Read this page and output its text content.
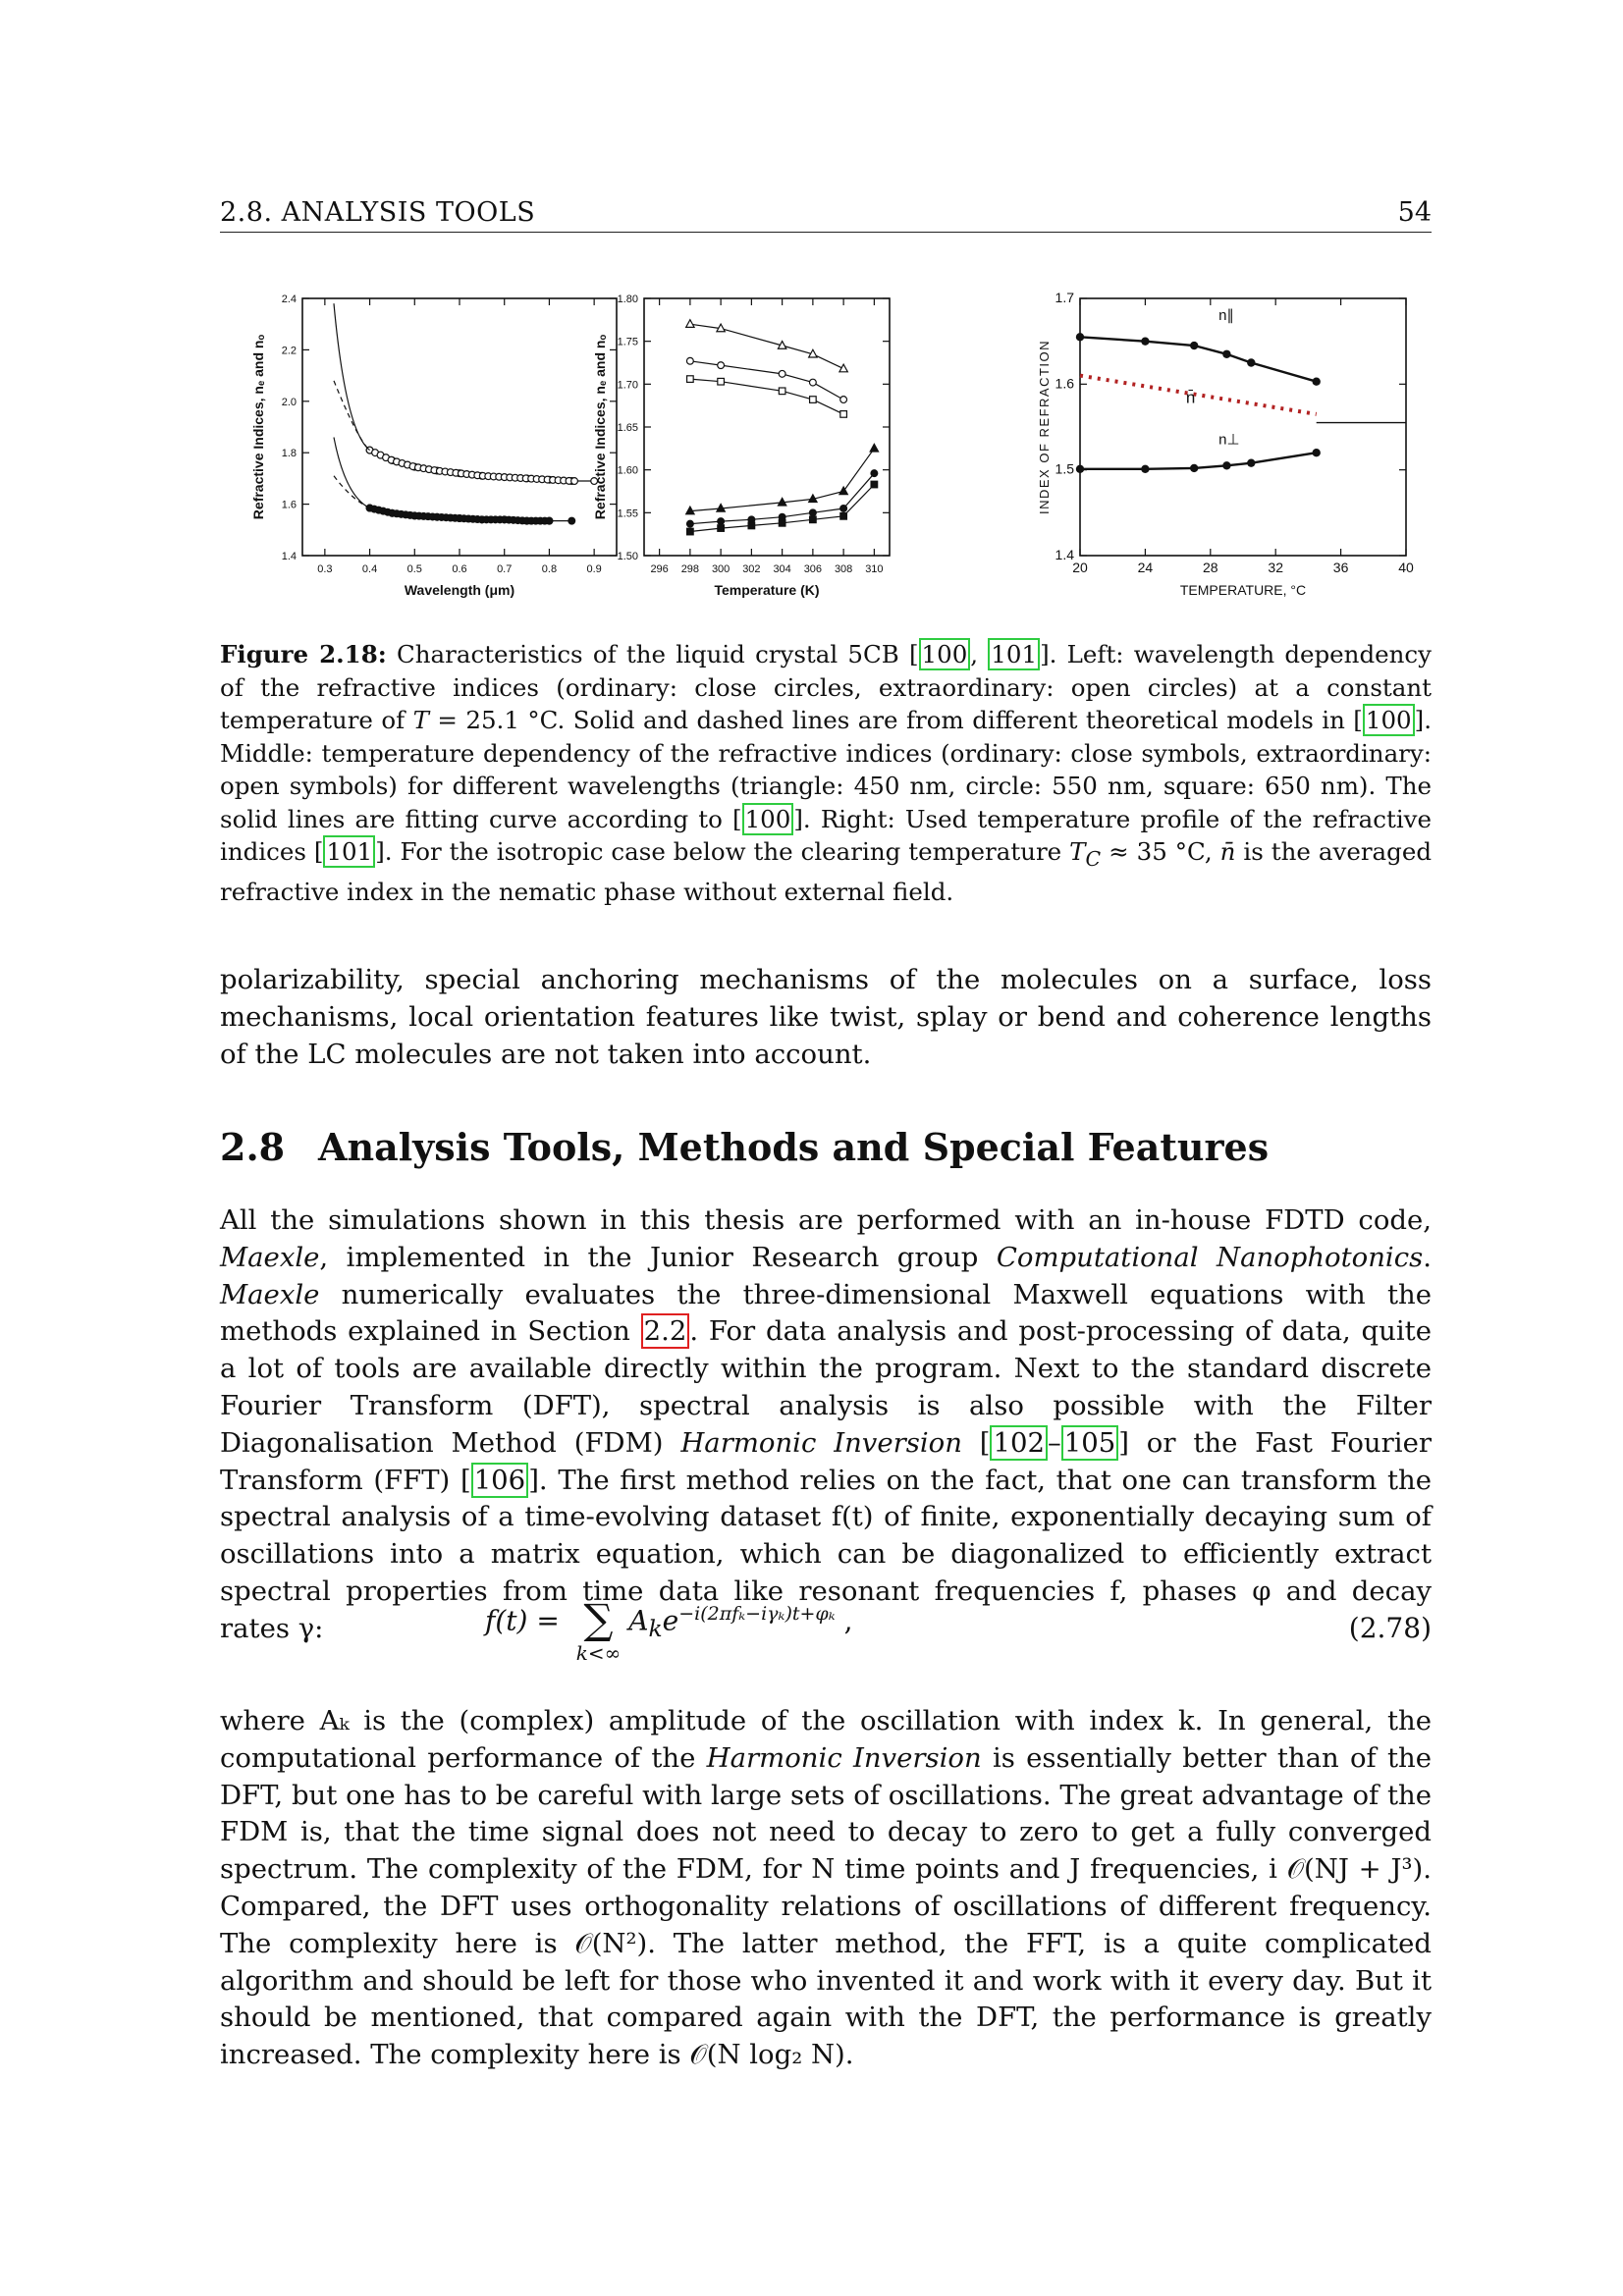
2.8. ANALYSIS TOOLS	54
0.3	0.4	0.5	0.6	0.7	0.8	0.9
1.4
1.6
1.8
2.0
2.2
2.4
Wavelength (μm)
Refractive Indices, nₑ and nₒ
296 298 300 302 304 306 308 310
1.50
1.55
1.60
1.65
1.70
1.75
1.80
Temperature (K)
Refractive Indices, nₑ and nₒ
20	24	28	32	36	40
1.4
1.5
1.6
1.7
TEMPERATURE, °C
INDEX OF REFRACTION
n∥
n̄
n⊥
Figure 2.18: Characteristics of the liquid crystal 5CB [ 100 , 101 ]. Left: wavelength dependency of the refractive indices (ordinary: close circles, extraordinary: open circles) at a constant temperature of T = 25.1 °C. Solid and dashed lines are from different theoretical models in [ 100 ]. Middle: temperature dependency of the refractive indices (ordinary: close symbols, extraordinary: open symbols) for different wavelengths (triangle: 450 nm, circle: 550 nm, square: 650 nm). The solid lines are fitting curve according to [ 100 ]. Right: Used temperature profile of the refractive indices [ 101 ]. For the isotropic case below the clearing temperature $T_C \approx 35$ °C, n̄ is the averaged refractive index in the nematic phase without external field.
polarizability, special anchoring mechanisms of the molecules on a surface, loss mechanisms, local orientation features like twist, splay or bend and coherence lengths of the LC molecules are not taken into account.
2.8 Analysis Tools, Methods and Special Features
All the simulations shown in this thesis are performed with an in-house FDTD code, Maexle, implemented in the Junior Research group Computational Nanophotonics. Maexle numerically evaluates the three-dimensional Maxwell equations with the methods explained in Section 2.2 . For data analysis and post-processing of data, quite a lot of tools are available directly within the program. Next to the standard discrete Fourier Transform (DFT), spectral analysis is also possible with the Filter Diagonalisation Method (FDM) Harmonic Inversion [ 102 – 105 ] or the Fast Fourier Transform (FFT) [ 106 ]. The first method relies on the fact, that one can transform the spectral analysis of a time-evolving dataset f(t) of finite, exponentially decaying sum of oscillations into a matrix equation, which can be diagonalized to efficiently extract spectral properties from time data like resonant frequencies f, phases φ and decay rates γ:	f(t) = ∑
k<∞
$A_ke^{-i(2\pi f_k-i\gamma_k)t+\varphi_k}$ ,	(2.78)
where Aₖ is the (complex) amplitude of the oscillation with index k. In general, the computational performance of the Harmonic Inversion is essentially better than of the DFT, but one has to be careful with large sets of oscillations. The great advantage of the FDM is, that the time signal does not need to decay to zero to get a fully converged spectrum. The complexity of the FDM, for N time points and J frequencies, i 𝒪(NJ + J³). Compared, the DFT uses orthogonality relations of oscillations of different frequency. The complexity here is 𝒪(N²). The latter method, the FFT, is a quite complicated algorithm and should be left for those who invented it and work with it every day. But it should be mentioned, that compared again with the DFT, the performance is greatly increased. The complexity here is 𝒪(N log₂ N).
